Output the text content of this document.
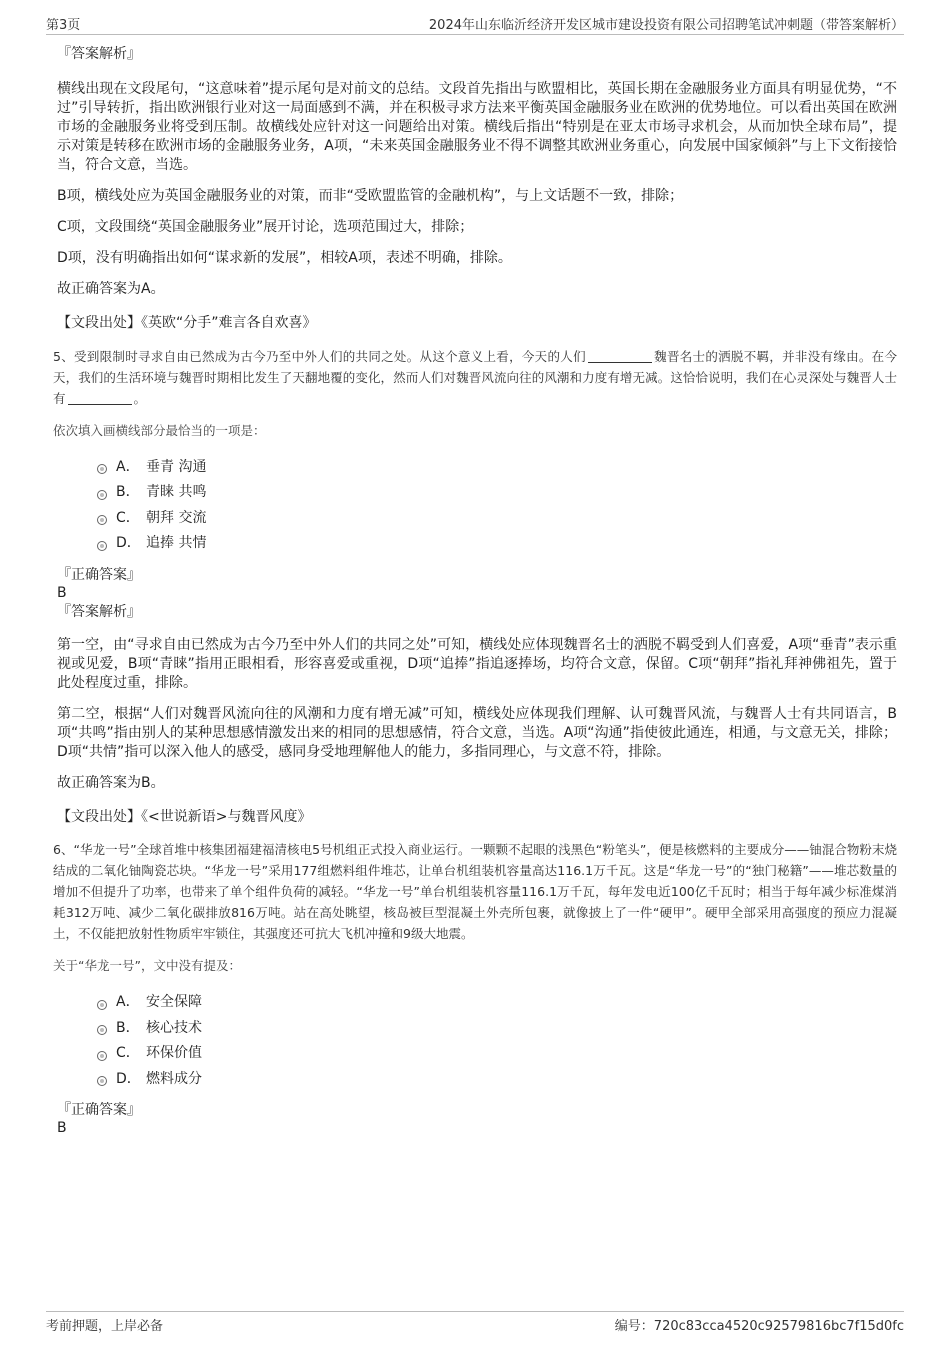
第3页	2024年山东临沂经济开发区城市建设投资有限公司招聘笔试冲刺题（带答案解析）

『答案解析』

横线出现在文段尾句，“这意味着”提示尾句是对前文的总结。文段首先指出与欧盟相比，英国长期在金融服务业方面具有明显优势，“不过”引导转折，指出欧洲银行业对这一局面感到不满，并在积极寻求方法来平衡英国金融服务业在欧洲的优势地位。可以看出英国在欧洲市场的金融服务业将受到压制。故横线处应针对这一问题给出对策。横线后指出“特别是在亚太市场寻求机会，从而加快全球布局”，提示对策是转移在欧洲市场的金融服务业务，A项，“未来英国金融服务业不得不调整其欧洲业务重心，向发展中国家倾斜”与上下文衔接恰当，符合文意，当选。

B项，横线处应为英国金融服务业的对策，而非“受欧盟监管的金融机构”，与上文话题不一致，排除；

C项，文段围绕“英国金融服务业”展开讨论，选项范围过大，排除；

D项，没有明确指出如何“谋求新的发展”，相较A项，表述不明确，排除。

故正确答案为A。

【文段出处】《英欧“分手”难言各自欢喜》

5、受到限制时寻求自由已然成为古今乃至中外人们的共同之处。从这个意义上看，今天的人们	魏晋名士的洒脱不羁，并非没有缘由。在今天，我们的生活环境与魏晋时期相比发生了天翻地覆的变化，然而人们对魏晋风流向往的风潮和力度有增无减。这恰恰说明，我们在心灵深处与魏晋人士有	。

依次填入画横线部分最恰当的一项是：

A． 垂青 沟通
B． 青睐 共鸣
C． 朝拜 交流
D． 追捧 共情

『正确答案』

B

『答案解析』

第一空，由“寻求自由已然成为古今乃至中外人们的共同之处”可知，横线处应体现魏晋名士的洒脱不羁受到人们喜爱，A项“垂青”表示重视或见爱，B项“青睐”指用正眼相看，形容喜爱或重视，D项“追捧”指追逐捧场，均符合文意，保留。C项“朝拜”指礼拜神佛祖先，置于此处程度过重，排除。

第二空，根据“人们对魏晋风流向往的风潮和力度有增无减”可知，横线处应体现我们理解、认可魏晋风流，与魏晋人士有共同语言，B项“共鸣”指由别人的某种思想感情激发出来的相同的思想感情，符合文意，当选。A项“沟通”指使彼此通连，相通，与文意无关，排除；D项“共情”指可以深入他人的感受，感同身受地理解他人的能力，多指同理心，与文意不符，排除。

故正确答案为B。

【文段出处】《<世说新语>与魏晋风度》

6、“华龙一号”全球首堆中核集团福建福清核电5号机组正式投入商业运行。一颗颗不起眼的浅黑色“粉笔头”，便是核燃料的主要成分——铀混合物粉末烧结成的二氧化铀陶瓷芯块。“华龙一号”采用177组燃料组件堆芯，让单台机组装机容量高达116.1万千瓦。这是“华龙一号”的“独门秘籍”——堆芯数量的增加不但提升了功率，也带来了单个组件负荷的减轻。“华龙一号”单台机组装机容量116.1万千瓦，每年发电近100亿千瓦时；相当于每年减少标准煤消耗312万吨、减少二氧化碳排放816万吨。站在高处眺望，核岛被巨型混凝土外壳所包裹，就像披上了一件“硬甲”。硬甲全部采用高强度的预应力混凝土，不仅能把放射性物质牢牢锁住，其强度还可抗大飞机冲撞和9级大地震。

关于“华龙一号”，文中没有提及：

A． 安全保障
B． 核心技术
C． 环保价值
D． 燃料成分

『正确答案』

B

考前押题，上岸必备	编号：720c83cca4520c92579816bc7f15d0fc
